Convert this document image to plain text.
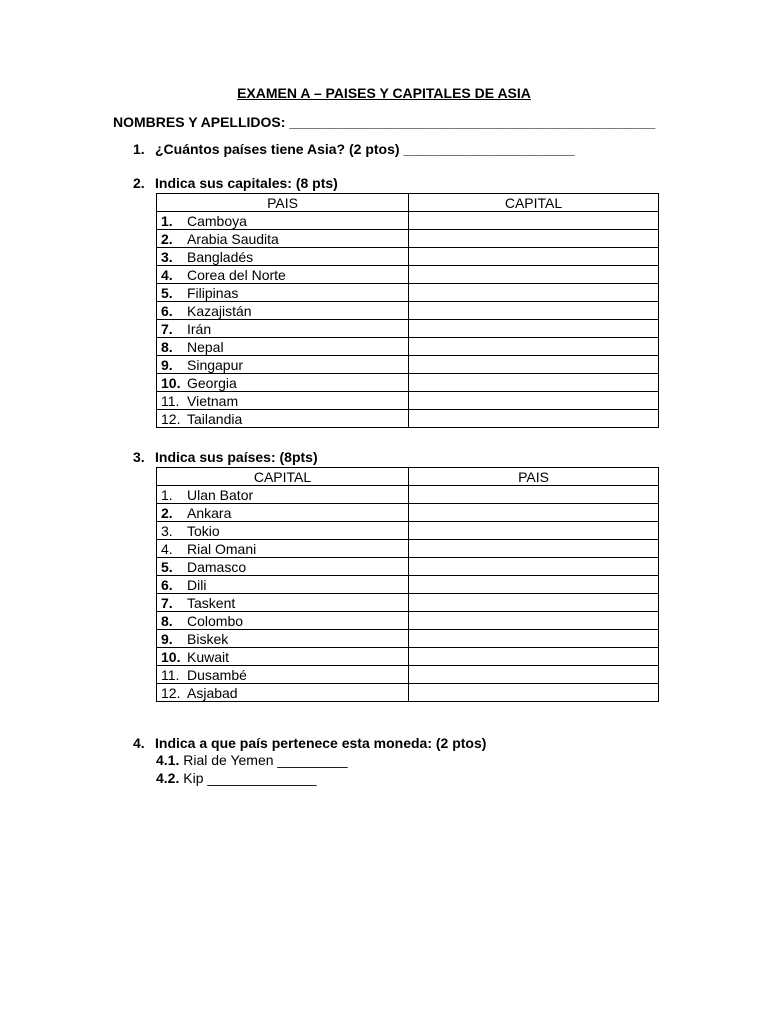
EXAMEN A – PAISES Y CAPITALES DE ASIA
NOMBRES Y APELLIDOS: _______________________________________________
1. ¿Cuántos países tiene Asia? (2 ptos) ______________________
2. Indica sus capitales: (8 pts)
PAIS	CAPITAL
1. Camboya	
2. Arabia Saudita	
3. Bangladés	
4. Corea del Norte	
5. Filipinas	
6. Kazajistán	
7. Irán	
8. Nepal	
9. Singapur	
10. Georgia	
11. Vietnam	
12. Tailandia	
3. Indica sus países: (8pts)
CAPITAL	PAIS
1. Ulan Bator	
2. Ankara	
3. Tokio	
4. Rial Omani	
5. Damasco	
6. Dili	
7. Taskent	
8. Colombo	
9. Biskek	
10. Kuwait	
11. Dusambé	
12. Asjabad	
4. Indica a que país pertenece esta moneda: (2 ptos)
4.1. Rial de Yemen _________
4.2. Kip ______________
